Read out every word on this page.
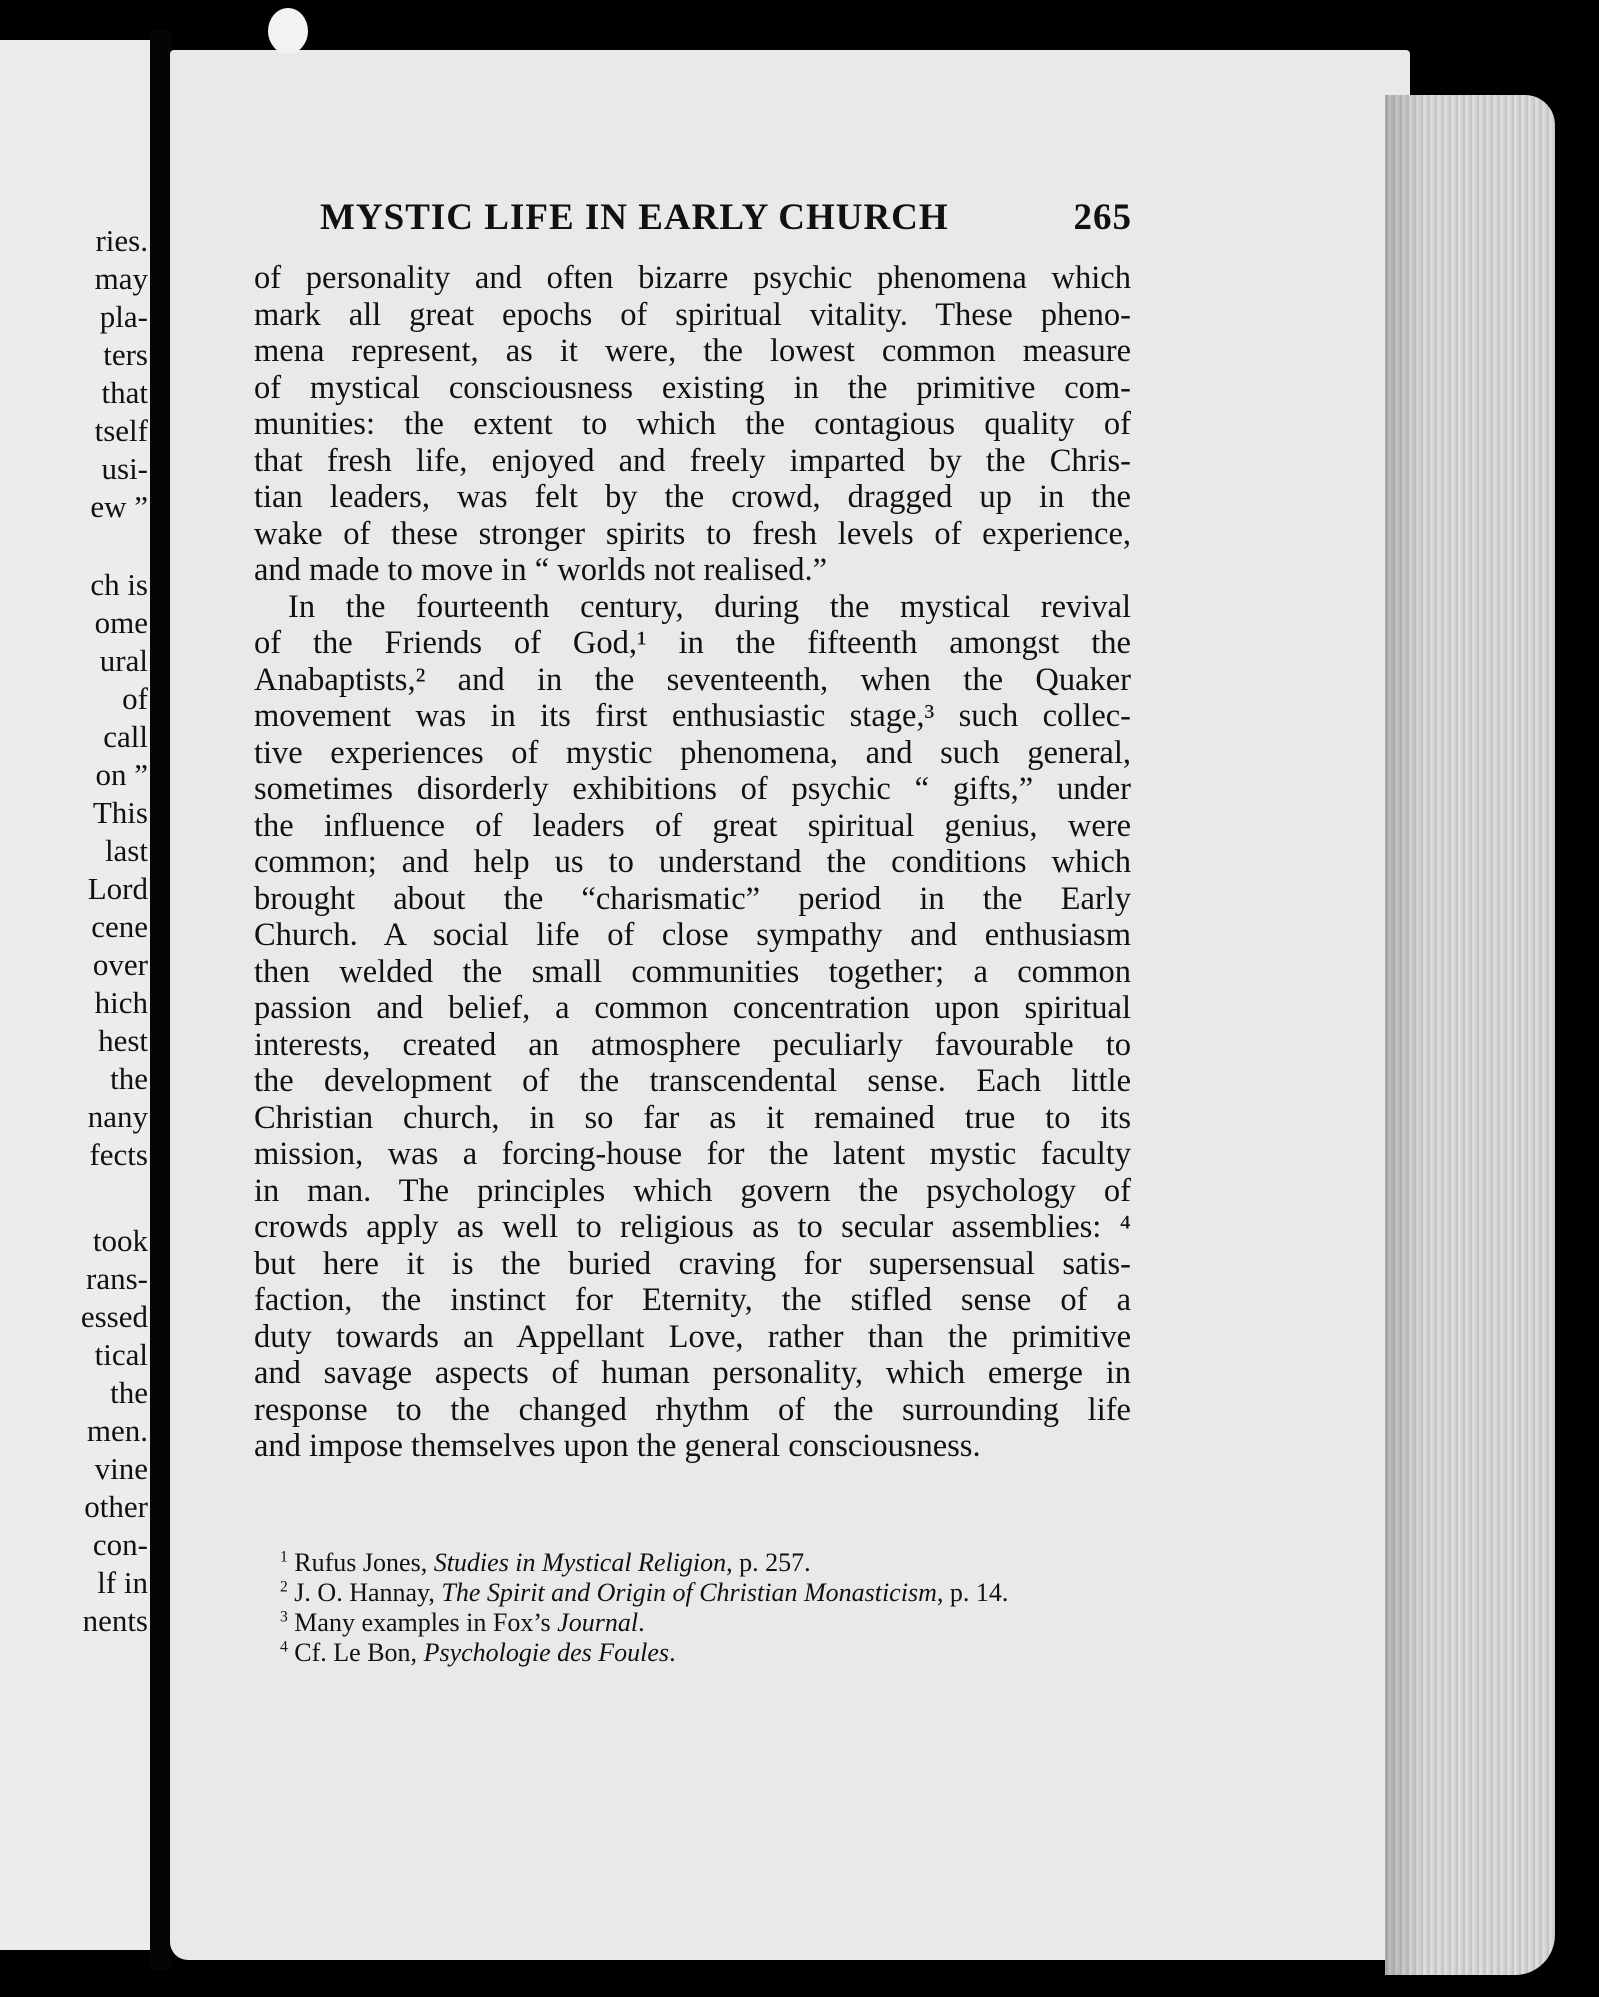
ries.
may
pla-
ters
that
tself
usi-
ew ”
ch is
ome
ural
of
call
on ”
This
last
Lord
cene
over
hich
hest
the
nany
fects
took
rans-
essed
tical
the
men.
vine
other
con-
lf in
nents
MYSTIC LIFE IN EARLY CHURCH	265
of personality and often bizarre psychic phenomena which
mark all great epochs of spiritual vitality. These pheno-
mena represent, as it were, the lowest common measure
of mystical consciousness existing in the primitive com-
munities: the extent to which the contagious quality of
that fresh life, enjoyed and freely imparted by the Chris-
tian leaders, was felt by the crowd, dragged up in the
wake of these stronger spirits to fresh levels of experience,
and made to move in “ worlds not realised.”
In the fourteenth century, during the mystical revival
of the Friends of God,¹ in the fifteenth amongst the
Anabaptists,² and in the seventeenth, when the Quaker
movement was in its first enthusiastic stage,³ such collec-
tive experiences of mystic phenomena, and such general,
sometimes disorderly exhibitions of psychic “ gifts,” under
the influence of leaders of great spiritual genius, were
common; and help us to understand the conditions which
brought about the “charismatic” period in the Early
Church. A social life of close sympathy and enthusiasm
then welded the small communities together; a common
passion and belief, a common concentration upon spiritual
interests, created an atmosphere peculiarly favourable to
the development of the transcendental sense. Each little
Christian church, in so far as it remained true to its
mission, was a forcing-house for the latent mystic faculty
in man. The principles which govern the psychology of
crowds apply as well to religious as to secular assemblies: ⁴
but here it is the buried craving for supersensual satis-
faction, the instinct for Eternity, the stifled sense of a
duty towards an Appellant Love, rather than the primitive
and savage aspects of human personality, which emerge in
response to the changed rhythm of the surrounding life
and impose themselves upon the general consciousness.
$^1$ Rufus Jones, Studies in Mystical Religion, p. 257.
$^2$ J. O. Hannay, The Spirit and Origin of Christian Monasticism, p. 14.
$^3$ Many examples in Fox’s Journal.
$^4$ Cf. Le Bon, Psychologie des Foules.
